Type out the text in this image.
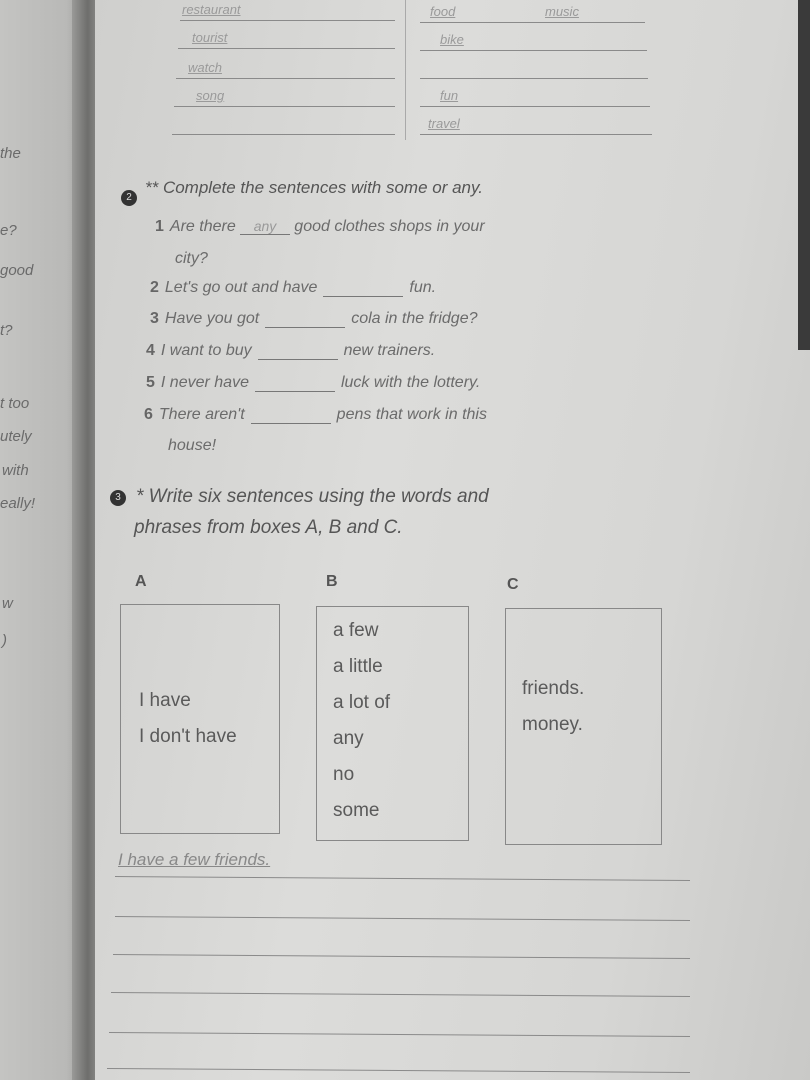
the
e?
good
t?
t too
utely
with
eally!
w
)
restaurant
tourist
watch
song
food	music
bike
fun
travel
2
** Complete the sentences with some or any.
1 Are there any good clothes shops in your
city?
2 Let's go out and have	fun.
3 Have you got	cola in the fridge?
4 I want to buy	new trainers.
5 I never have	luck with the lottery.
6 There aren't	pens that work in this
house!
3 * Write six sentences using the words and
phrases from boxes A, B and C.
A	B	C
I have
I don't have
a few
a little
a lot of
any
no
some
friends.
money.
I have a few friends.
